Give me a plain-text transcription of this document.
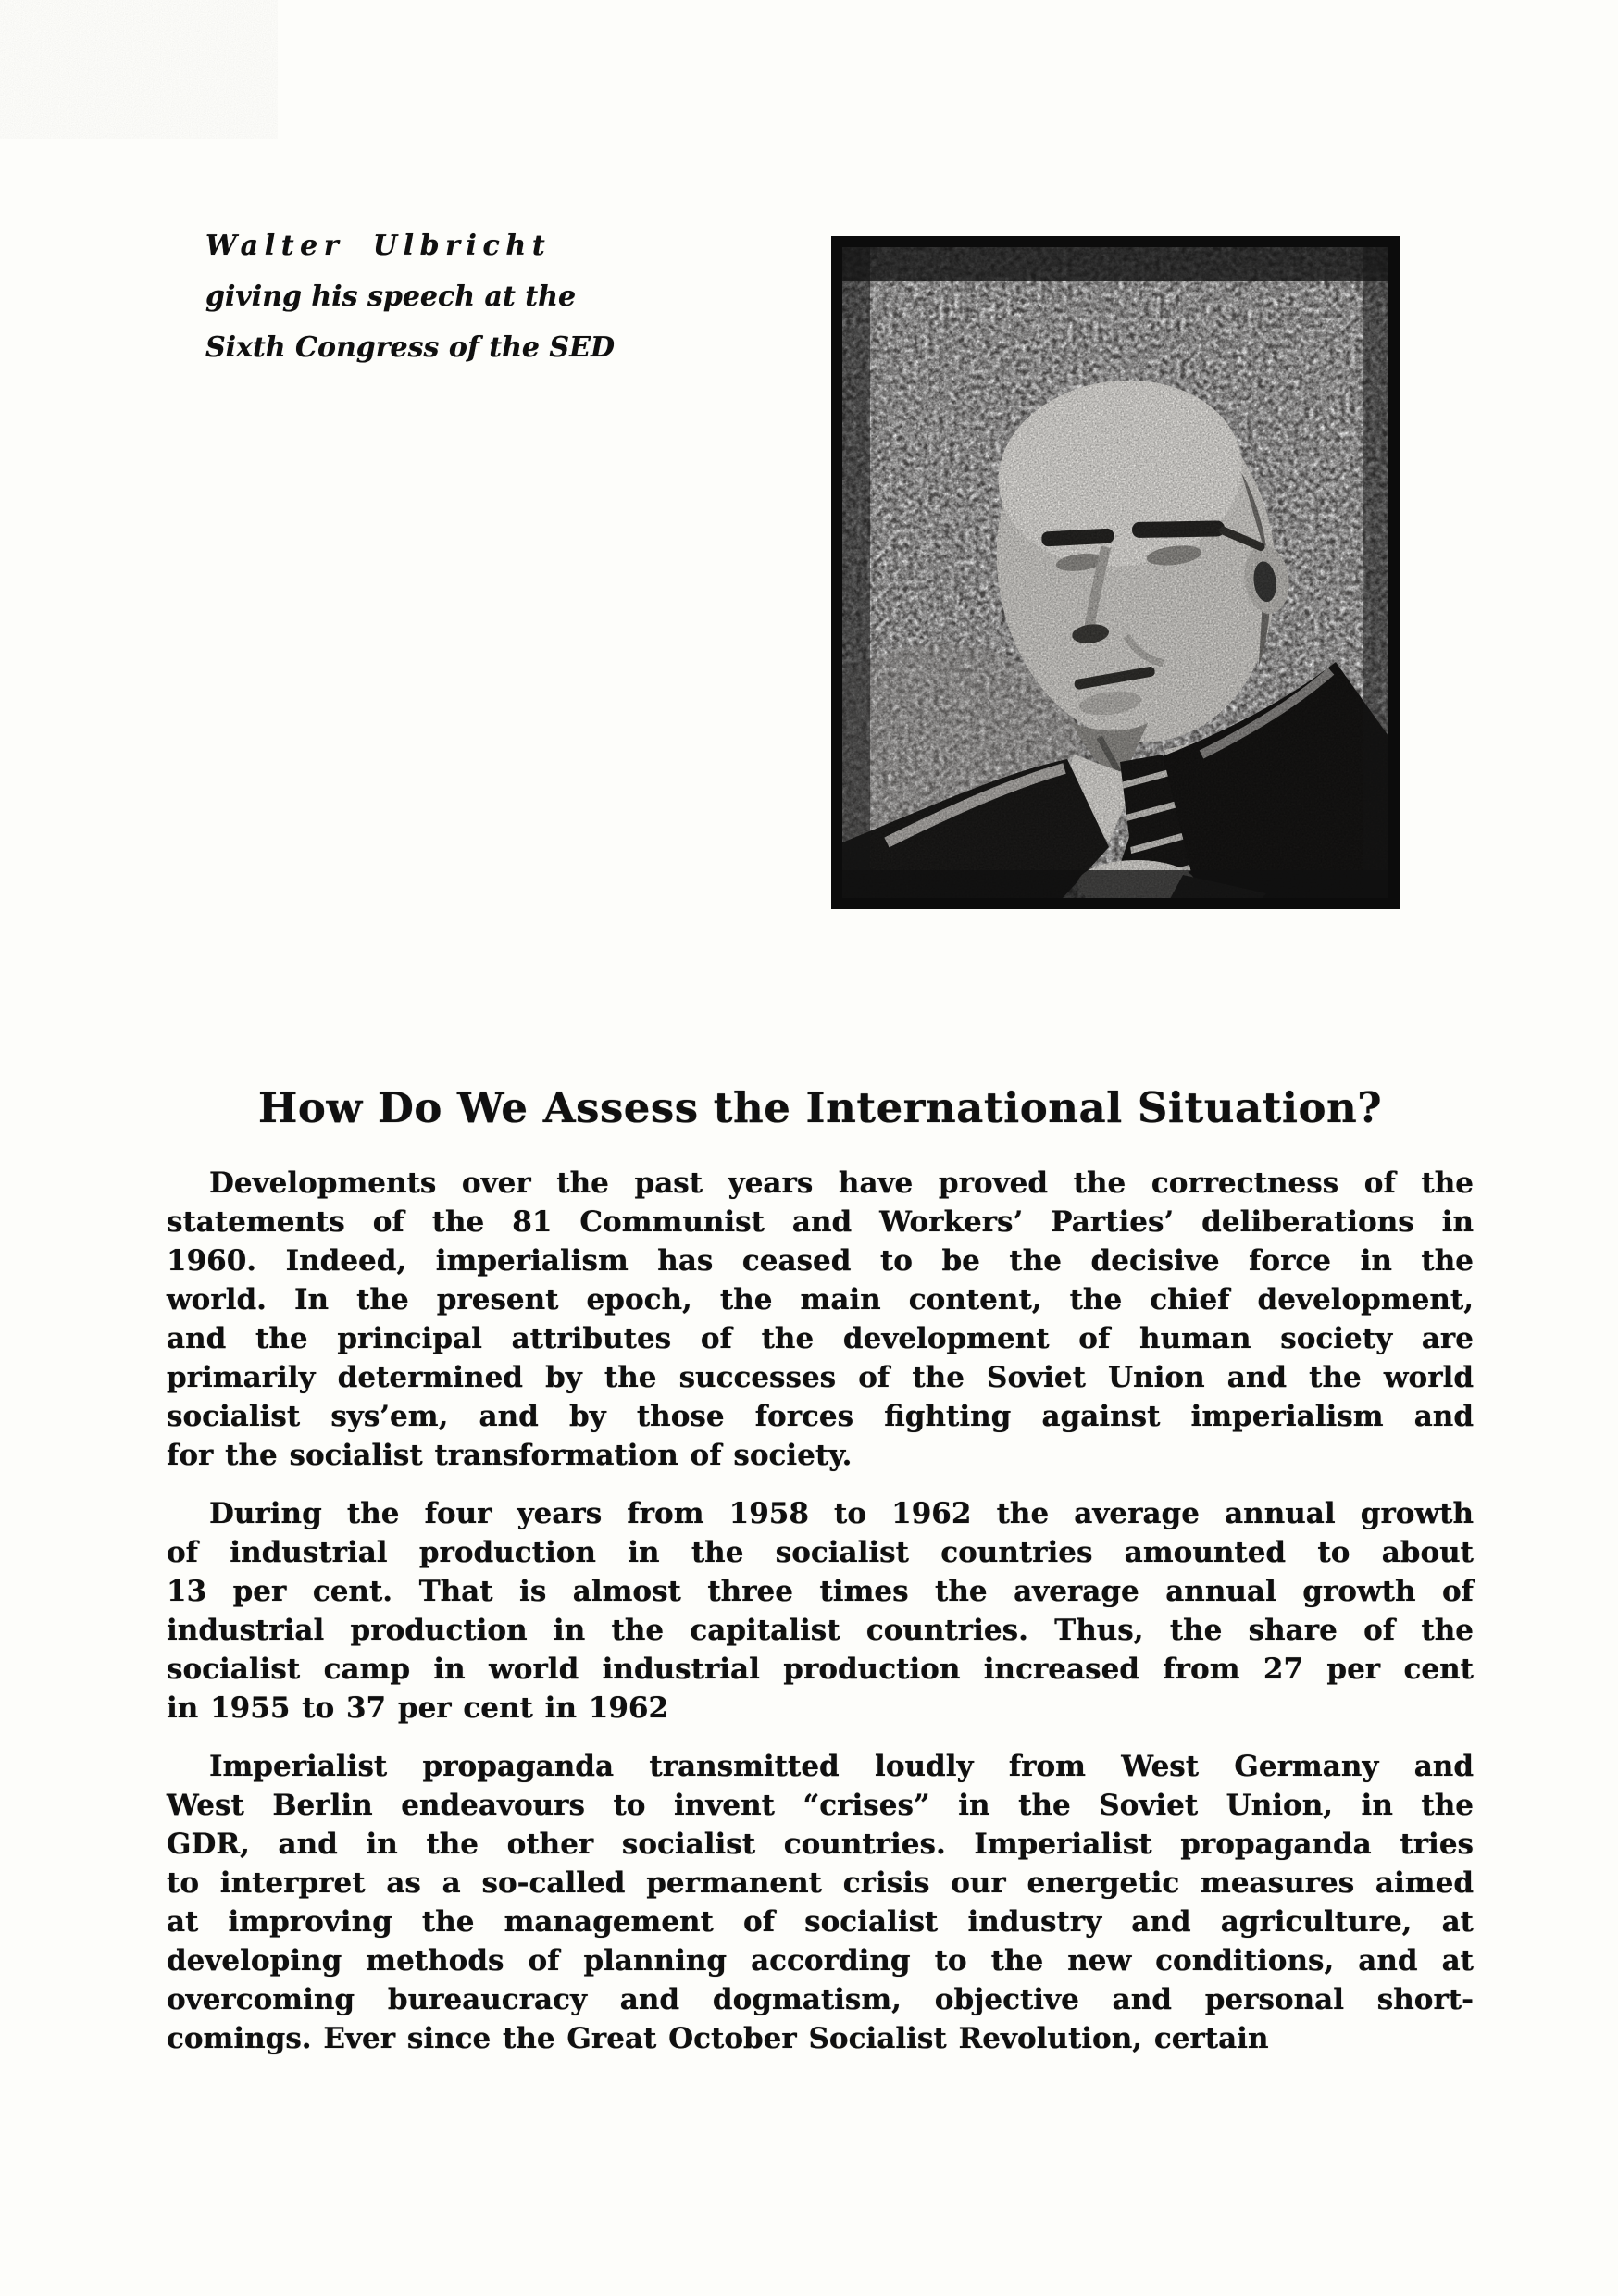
Walter Ulbricht
giving his speech at the
Sixth Congress of the SED
How Do We Assess the International Situation?
Developments over the past years have proved the correctness of the
statements of the 81 Communist and Workers’ Parties’ deliberations in
1960. Indeed, imperialism has ceased to be the decisive force in the
world. In the present epoch, the main content, the chief development,
and the principal attributes of the development of human society are
primarily determined by the successes of the Soviet Union and the world
socialist sys’em, and by those forces fighting against imperialism and
for the socialist transformation of society.
During the four years from 1958 to 1962 the average annual growth
of industrial production in the socialist countries amounted to about
13 per cent. That is almost three times the average annual growth of
industrial production in the capitalist countries. Thus, the share of the
socialist camp in world industrial production increased from 27 per cent
in 1955 to 37 per cent in 1962
Imperialist propaganda transmitted loudly from West Germany and
West Berlin endeavours to invent “crises” in the Soviet Union, in the
GDR, and in the other socialist countries. Imperialist propaganda tries
to interpret as a so-called permanent crisis our energetic measures aimed
at improving the management of socialist industry and agriculture, at
developing methods of planning according to the new conditions, and at
overcoming bureaucracy and dogmatism, objective and personal short-
comings. Ever since the Great October Socialist Revolution, certain
